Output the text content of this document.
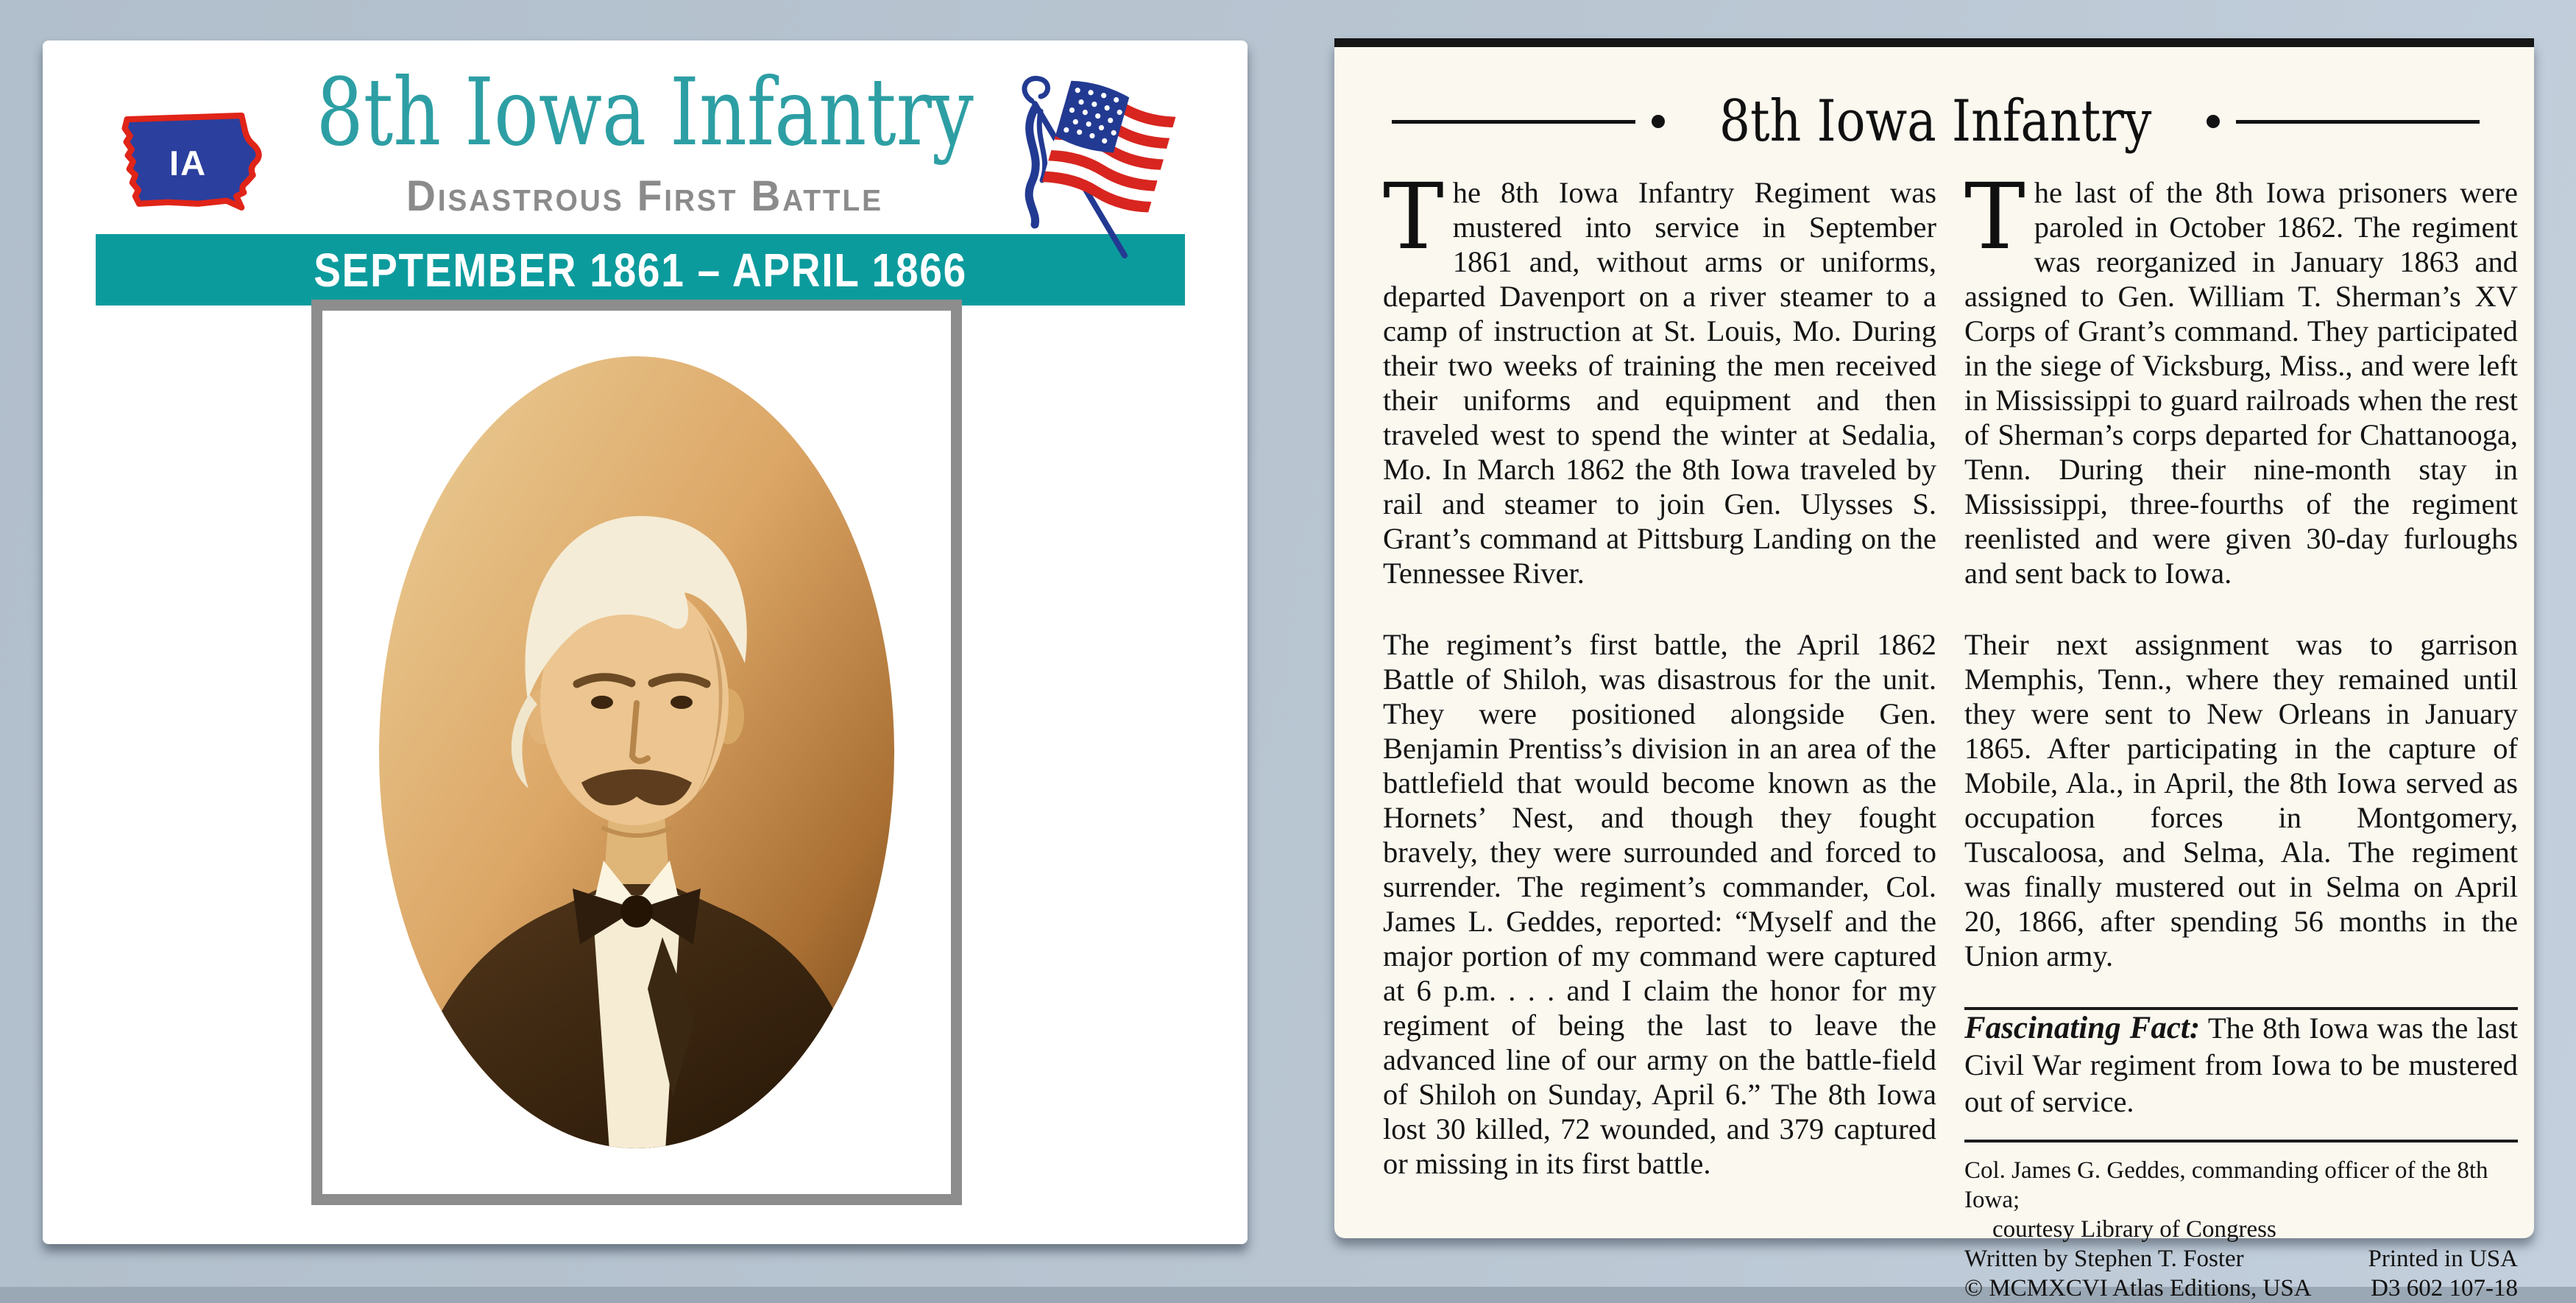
IA	8th Iowa Infantry
Disastrous First Battle
SEPTEMBER 1861 – APRIL 1866
8th Iowa Infantry

The 8th Iowa Infantry Regiment was mustered into service in September 1861 and, without arms or uniforms, departed Davenport on a river steamer to a camp of instruction at St. Louis, Mo. During their two weeks of training the men received their uniforms and equipment and then traveled west to spend the winter at Sedalia, Mo. In March 1862 the 8th Iowa traveled by rail and steamer to join Gen. Ulysses S. Grant’s command at Pittsburg Landing on the Tennessee River.

The regiment’s first battle, the April 1862 Battle of Shiloh, was disastrous for the unit. They were positioned alongside Gen. Benjamin Prentiss’s division in an area of the battlefield that would become known as the Hornets’ Nest, and though they fought bravely, they were surrounded and forced to surrender. The regiment’s commander, Col. James L. Geddes, reported: “Myself and the major portion of my command were captured at 6 p.m. . . . and I claim the honor for my regiment of being the last to leave the advanced line of our army on the battle-field of Shiloh on Sunday, April 6.” The 8th Iowa lost 30 killed, 72 wounded, and 379 captured or missing in its first battle.

The last of the 8th Iowa prisoners were paroled in October 1862. The regiment was reorganized in January 1863 and assigned to Gen. William T. Sherman’s XV Corps of Grant’s command. They participated in the siege of Vicksburg, Miss., and were left in Mississippi to guard railroads when the rest of Sherman’s corps departed for Chattanooga, Tenn. During their nine-month stay in Mississippi, three-fourths of the regiment reenlisted and were given 30-day furloughs and sent back to Iowa.

Their next assignment was to garrison Memphis, Tenn., where they remained until they were sent to New Orleans in January 1865. After participating in the capture of Mobile, Ala., in April, the 8th Iowa served as occupation forces in Montgomery, Tuscaloosa, and Selma, Ala. The regiment was finally mustered out in Selma on April 20, 1866, after spending 56 months in the Union army.

Fascinating Fact: The 8th Iowa was the last Civil War regiment from Iowa to be mustered out of service.

Col. James G. Geddes, commanding officer of the 8th Iowa;
courtesy Library of Congress
Written by Stephen T. Foster	Printed in USA
© MCMXCVI Atlas Editions, USA D3 602 107-18
